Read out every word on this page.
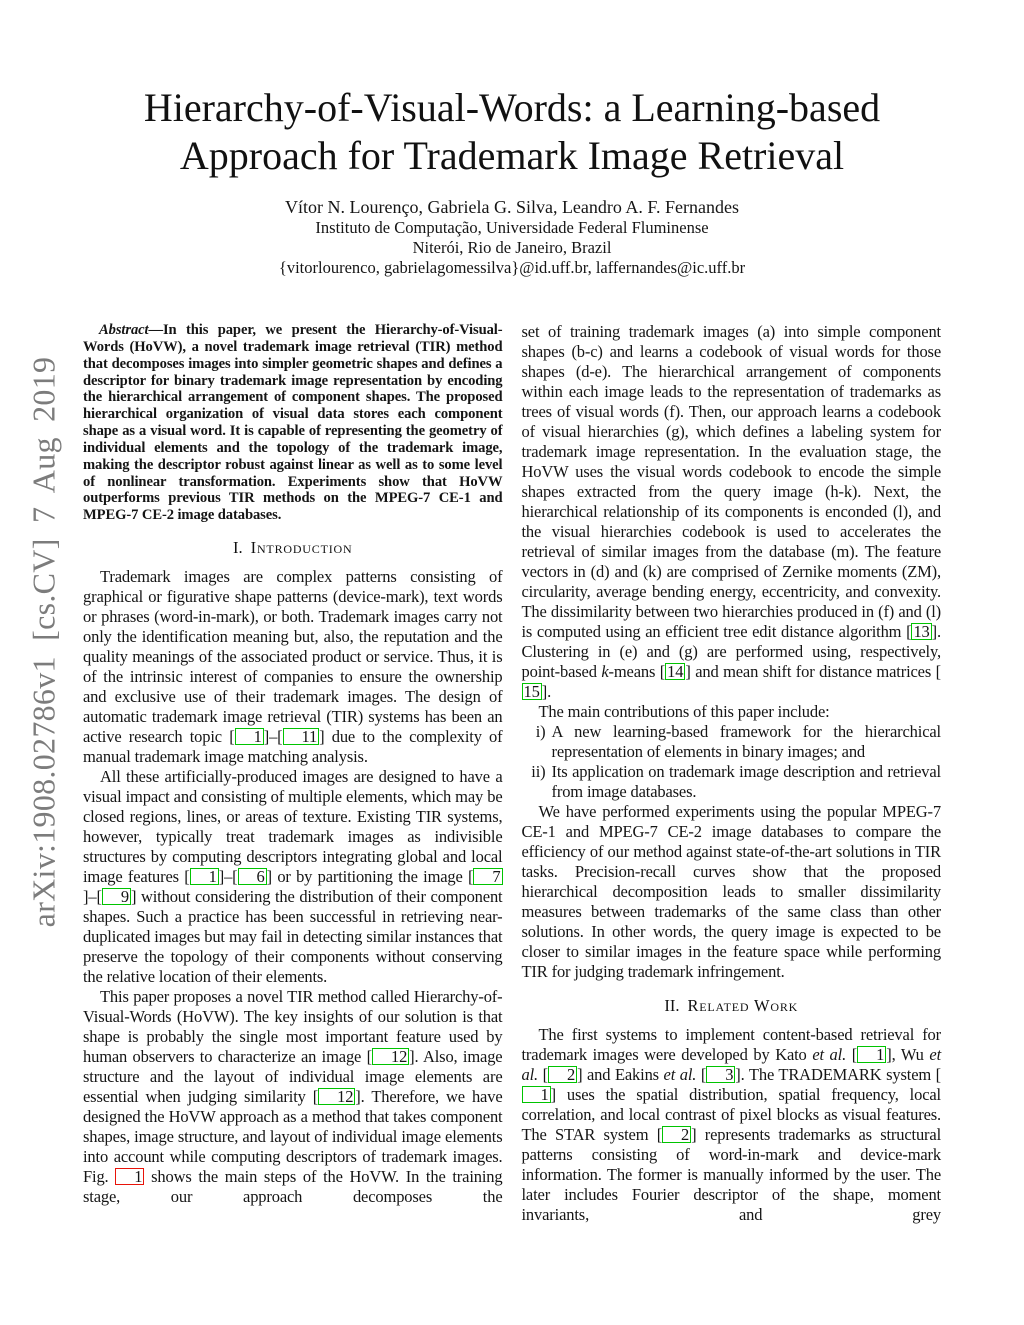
arXiv:1908.02786v1 [cs.CV] 7 Aug 2019
Hierarchy-of-Visual-Words: a Learning-based
Approach for Trademark Image Retrieval
Vítor N. Lourenço, Gabriela G. Silva, Leandro A. F. Fernandes
Instituto de Computação, Universidade Federal Fluminense
Niterói, Rio de Janeiro, Brazil
{vitorlourenco, gabrielagomessilva}@id.uff.br, laffernandes@ic.uff.br

Abstract—In this paper, we present the Hierarchy-of-Visual-Words (HoVW), a novel trademark image retrieval (TIR) method that decomposes images into simpler geometric shapes and defines a descriptor for binary trademark image representation by encoding the hierarchical arrangement of component shapes. The proposed hierarchical organization of visual data stores each component shape as a visual word. It is capable of representing the geometry of individual elements and the topology of the trademark image, making the descriptor robust against linear as well as to some level of nonlinear transformation. Experiments show that HoVW outperforms previous TIR methods on the MPEG-7 CE-1 and MPEG-7 CE-2 image databases.

I. Introduction

Trademark images are complex patterns consisting of graphical or figurative shape patterns (device-mark), text words or phrases (word-in-mark), or both. Trademark images carry not only the identification meaning but, also, the reputation and the quality meanings of the associated product or service. Thus, it is of the intrinsic interest of companies to ensure the ownership and exclusive use of their trademark images. The design of automatic trademark image retrieval (TIR) systems has been an active research topic [ 1 ]–[ 11 ] due to the complexity of manual trademark image matching analysis.

All these artificially-produced images are designed to have a visual impact and consisting of multiple elements, which may be closed regions, lines, or areas of texture. Existing TIR systems, however, typically treat trademark images as indivisible structures by computing descriptors integrating global and local image features [ 1 ]–[ 6 ] or by partitioning the image [ 7]–[ 9 ] without considering the distribution of their component shapes. Such a practice has been successful in retrieving near-duplicated images but may fail in detecting similar instances that preserve the topology of their components without conserving the relative location of their elements.

This paper proposes a novel TIR method called Hierarchy-of-Visual-Words (HoVW). The key insights of our solution is that shape is probably the single most important feature used by human observers to characterize an image [ 12 ]. Also, image structure and the layout of individual image elements are essential when judging similarity [ 12 ]. Therefore, we have designed the HoVW approach as a method that takes component shapes, image structure, and layout of individual image elements into account while computing descriptors of trademark images. Fig. 1 shows the main steps of the HoVW. In the training stage, our approach decomposes the

set of training trademark images (a) into simple component shapes (b-c) and learns a codebook of visual words for those shapes (d-e). The hierarchical arrangement of components within each image leads to the representation of trademarks as trees of visual words (f). Then, our approach learns a codebook of visual hierarchies (g), which defines a labeling system for trademark image representation. In the evaluation stage, the HoVW uses the visual words codebook to encode the simple shapes extracted from the query image (h-k). Next, the hierarchical relationship of its components is enconded (l), and the visual hierarchies codebook is used to accelerates the retrieval of similar images from the database (m). The feature vectors in (d) and (k) are comprised of Zernike moments (ZM), circularity, average bending energy, eccentricity, and convexity. The dissimilarity between two hierarchies produced in (f) and (l) is computed using an efficient tree edit distance algorithm [ 13 ]. Clustering in (e) and (g) are performed using, respectively, point-based k-means [ 14 ] and mean shift for distance matrices [15 ].

The main contributions of this paper include:

i) A new learning-based framework for the hierarchical representation of elements in binary images; and
ii) Its application on trademark image description and retrieval from image databases.

We have performed experiments using the popular MPEG-7 CE-1 and MPEG-7 CE-2 image databases to compare the efficiency of our method against state-of-the-art solutions in TIR tasks. Precision-recall curves show that the proposed hierarchical decomposition leads to smaller dissimilarity measures between trademarks of the same class than other solutions. In other words, the query image is expected to be closer to similar images in the feature space while performing TIR for judging trademark infringement.

II. Related Work

The first systems to implement content-based retrieval for trademark images were developed by Kato et al. [ 1 ], Wu et al. [ 2 ] and Eakins et al. [ 3 ]. The TRADEMARK system [1 ] uses the spatial distribution, spatial frequency, local correlation, and local contrast of pixel blocks as visual features. The STAR system [ 2 ] represents trademarks as structural patterns consisting of word-in-mark and device-mark information. The former is manually informed by the user. The later includes Fourier descriptor of the shape, moment invariants, and grey
